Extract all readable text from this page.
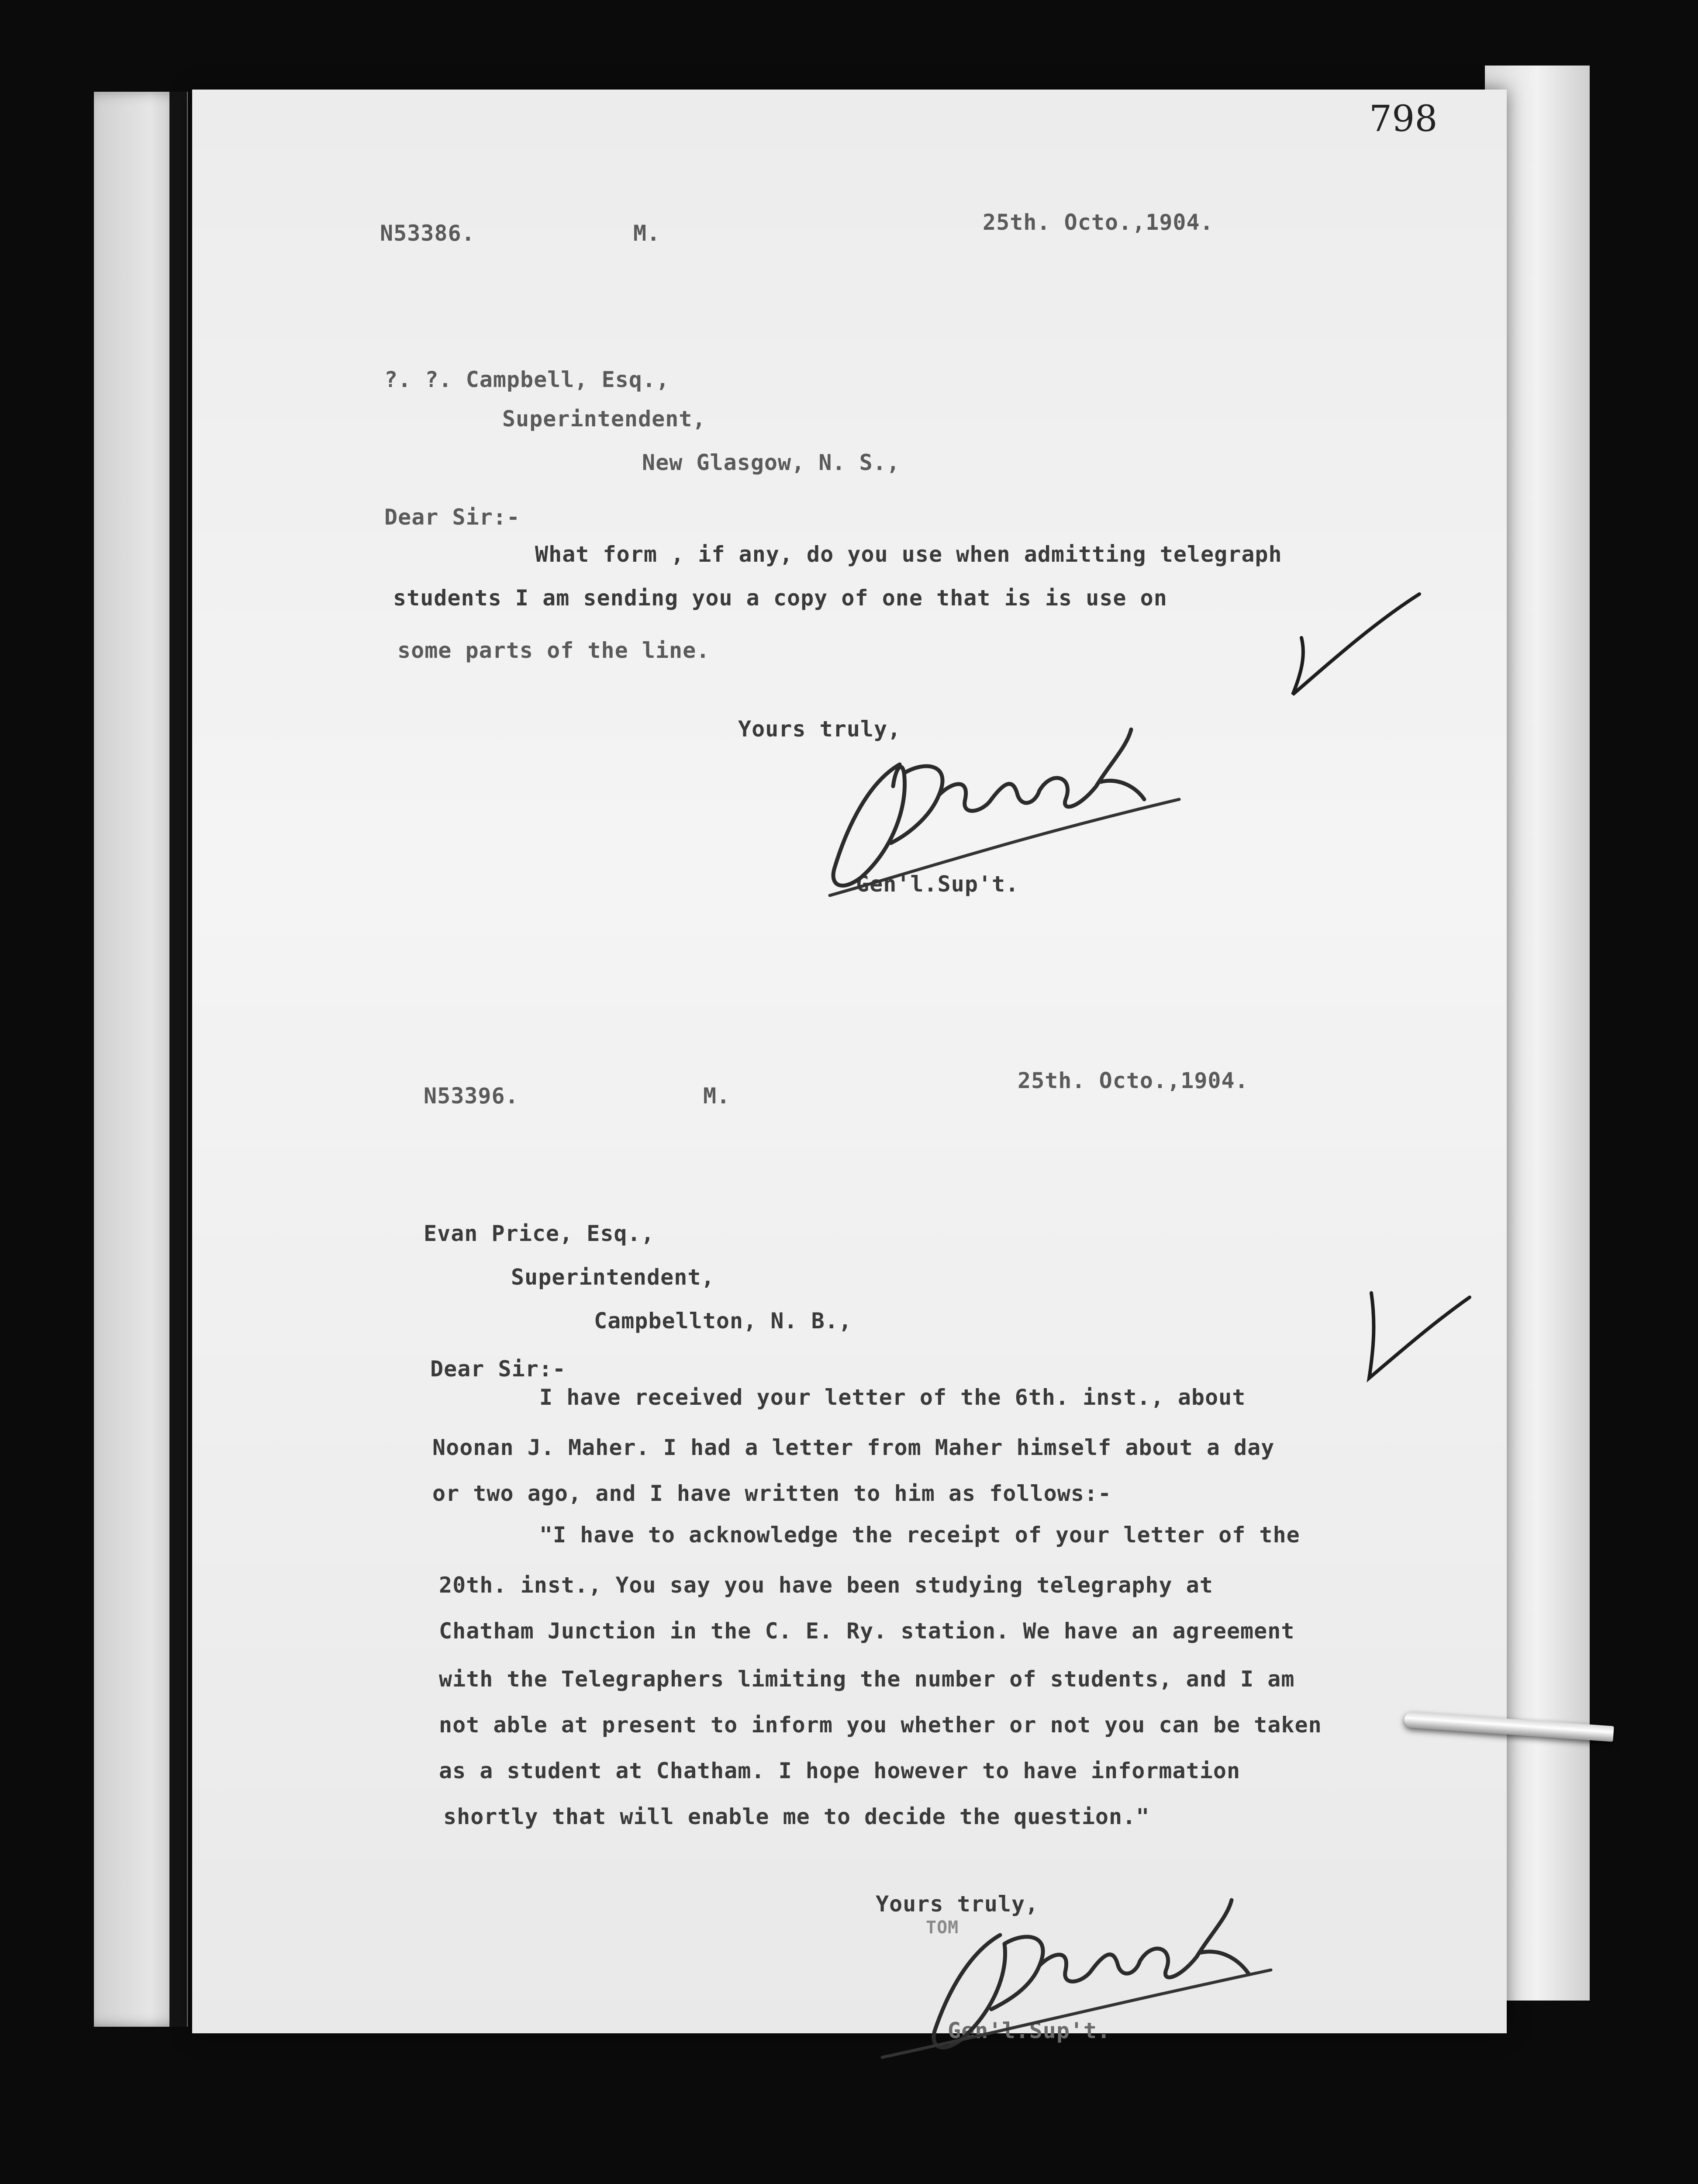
798
N53386.	M.	25th. Octo.,1904.
?. ?. Campbell, Esq.,
Superintendent,
New Glasgow, N. S.,
Dear Sir:-
What form , if any, do you use when admitting telegraph
students I am sending you a copy of one that is is use on
some parts of the line.
Yours truly,
Gen'l.Sup't.
N53396.	M.
25th. Octo.,1904.
Evan Price, Esq.,
Superintendent,
Campbellton, N. B.,
Dear Sir:-
I have received your letter of the 6th. inst., about
Noonan J. Maher. I had a letter from Maher himself about a day
or two ago, and I have written to him as follows:-
"I have to acknowledge the receipt of your letter of the
20th. inst., You say you have been studying telegraphy at
Chatham Junction in the C. E. Ry. station. We have an agreement
with the Telegraphers limiting the number of students, and I am
not able at present to inform you whether or not you can be taken
as a student at Chatham. I hope however to have information
shortly that will enable me to decide the question."
Yours truly,
TOM
Gen'l.Sup't.
